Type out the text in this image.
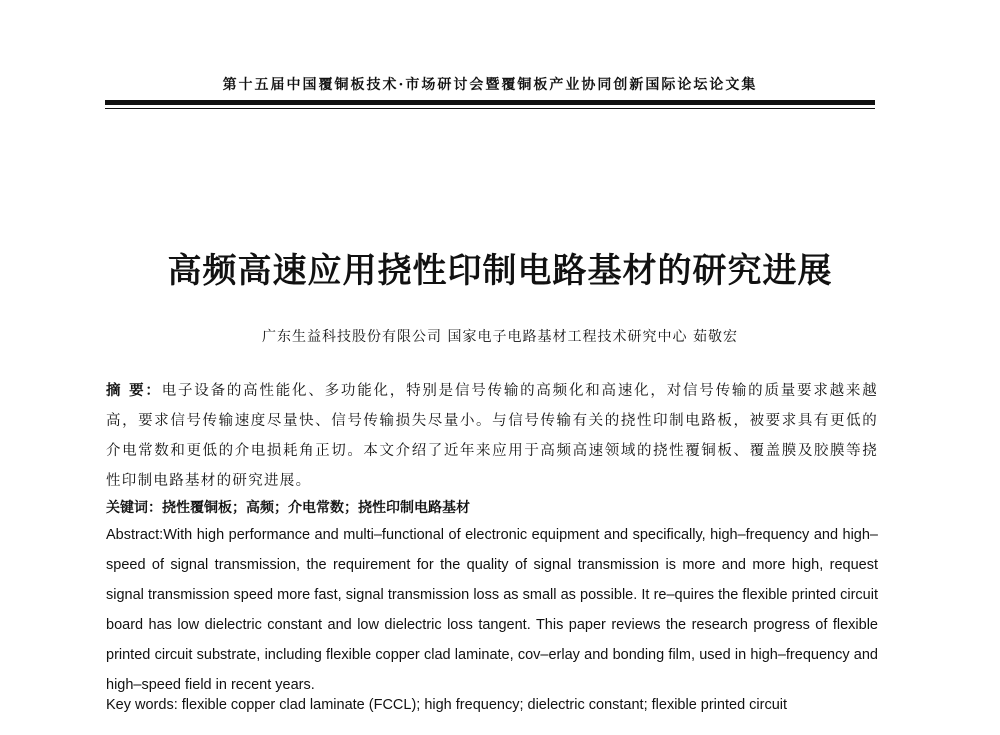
第十五届中国覆铜板技术·市场研讨会暨覆铜板产业协同创新国际论坛论文集
高频高速应用挠性印制电路基材的研究进展
广东生益科技股份有限公司 国家电子电路基材工程技术研究中心 茹敬宏
摘 要：电子设备的高性能化、多功能化，特别是信号传输的高频化和高速化，对信号传输的质量要求越来越高，要求信号传输速度尽量快、信号传输损失尽量小。与信号传输有关的挠性印制电路板，被要求具有更低的介电常数和更低的介电损耗角正切。本文介绍了近年来应用于高频高速领域的挠性覆铜板、覆盖膜及胶膜等挠性印制电路基材的研究进展。
关键词：挠性覆铜板；高频；介电常数；挠性印制电路基材
Abstract:With high performance and multi–functional of electronic equipment and specifically, high–frequency and high–speed of signal transmission, the requirement for the quality of signal transmission is more and more high, request signal transmission speed more fast, signal transmission loss as small as possible. It re–quires the flexible printed circuit board has low dielectric constant and low dielectric loss tangent. This paper reviews the research progress of flexible printed circuit substrate, including flexible copper clad laminate, cov–erlay and bonding film, used in high–frequency and high–speed field in recent years.
Key words: flexible copper clad laminate (FCCL); high frequency; dielectric constant; flexible printed circuit
